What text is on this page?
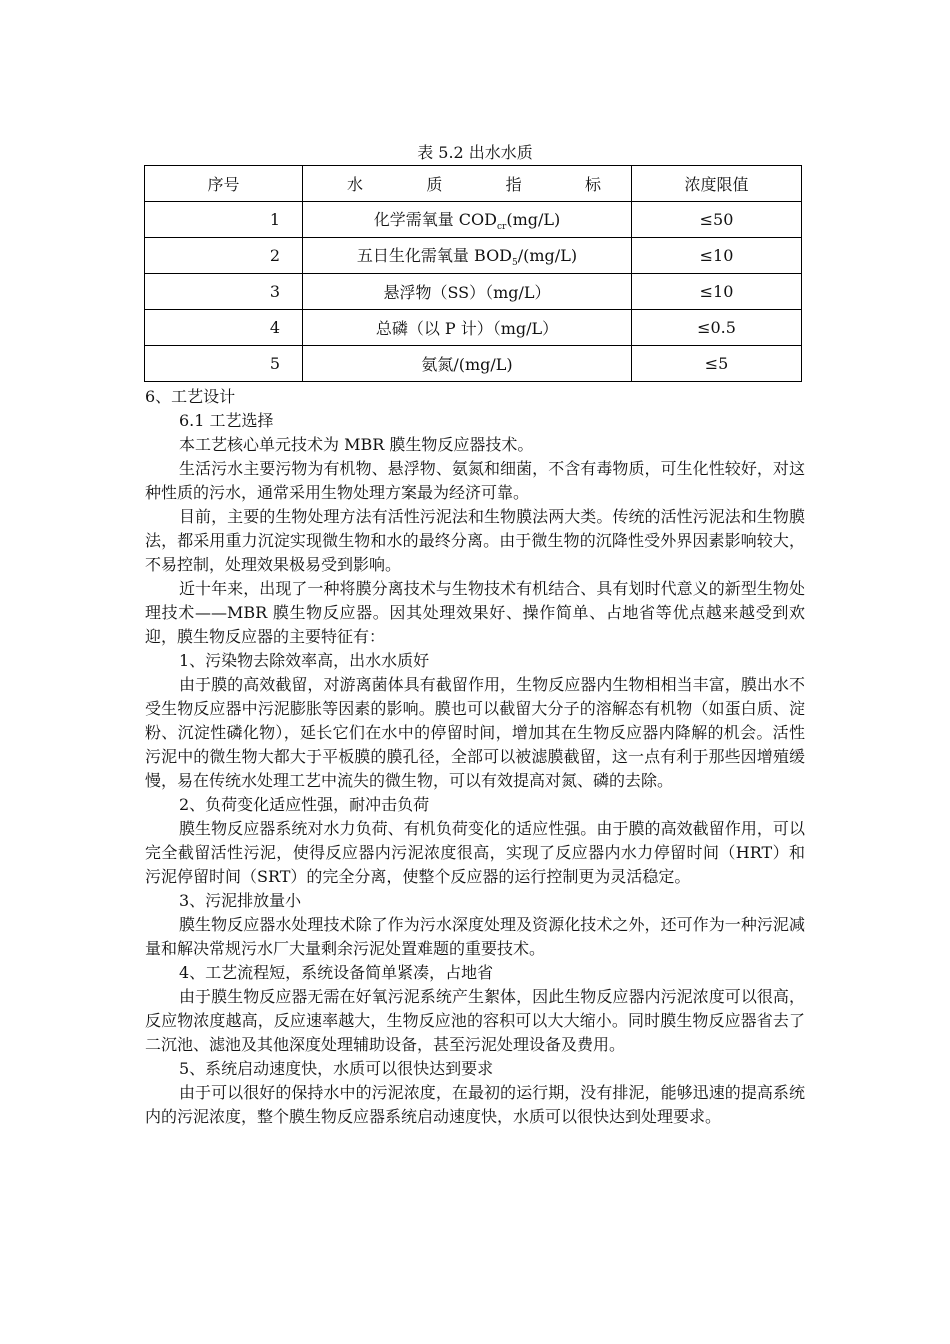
表 5.2 出水水质
序号	水 质 指 标	浓度限值
1	化学需氧量 $COD_{cr}(mg/L)$	≤50
2	五日生化需氧量 $BOD_5/(mg/L)$	≤10
3	悬浮物（SS）（mg/L）	≤10
4	总磷（以 P 计）（mg/L）	≤0.5
5	氨氮/(mg/L)	≤5

6、工艺设计

6.1 工艺选择

本工艺核心单元技术为 MBR 膜生物反应器技术。

生活污水主要污物为有机物、悬浮物、氨氮和细菌，不含有毒物质，可生化性较好，对这种性质的污水，通常采用生物处理方案最为经济可靠。

目前，主要的生物处理方法有活性污泥法和生物膜法两大类。传统的活性污泥法和生物膜法，都采用重力沉淀实现微生物和水的最终分离。由于微生物的沉降性受外界因素影响较大，不易控制，处理效果极易受到影响。

近十年来，出现了一种将膜分离技术与生物技术有机结合、具有划时代意义的新型生物处理技术——MBR 膜生物反应器。因其处理效果好、操作简单、占地省等优点越来越受到欢迎，膜生物反应器的主要特征有：

1、污染物去除效率高，出水水质好

由于膜的高效截留，对游离菌体具有截留作用，生物反应器内生物相相当丰富，膜出水不受生物反应器中污泥膨胀等因素的影响。膜也可以截留大分子的溶解态有机物（如蛋白质、淀粉、沉淀性磷化物），延长它们在水中的停留时间，增加其在生物反应器内降解的机会。活性污泥中的微生物大都大于平板膜的膜孔径，全部可以被滤膜截留，这一点有利于那些因增殖缓慢，易在传统水处理工艺中流失的微生物，可以有效提高对氮、磷的去除。

2、负荷变化适应性强，耐冲击负荷

膜生物反应器系统对水力负荷、有机负荷变化的适应性强。由于膜的高效截留作用，可以完全截留活性污泥，使得反应器内污泥浓度很高，实现了反应器内水力停留时间（HRT）和污泥停留时间（SRT）的完全分离，使整个反应器的运行控制更为灵活稳定。

3、污泥排放量小

膜生物反应器水处理技术除了作为污水深度处理及资源化技术之外，还可作为一种污泥减量和解决常规污水厂大量剩余污泥处置难题的重要技术。

4、工艺流程短，系统设备简单紧凑，占地省

由于膜生物反应器无需在好氧污泥系统产生絮体，因此生物反应器内污泥浓度可以很高，反应物浓度越高，反应速率越大，生物反应池的容积可以大大缩小。同时膜生物反应器省去了二沉池、滤池及其他深度处理辅助设备，甚至污泥处理设备及费用。

5、系统启动速度快，水质可以很快达到要求

由于可以很好的保持水中的污泥浓度，在最初的运行期，没有排泥，能够迅速的提高系统内的污泥浓度，整个膜生物反应器系统启动速度快，水质可以很快达到处理要求。
